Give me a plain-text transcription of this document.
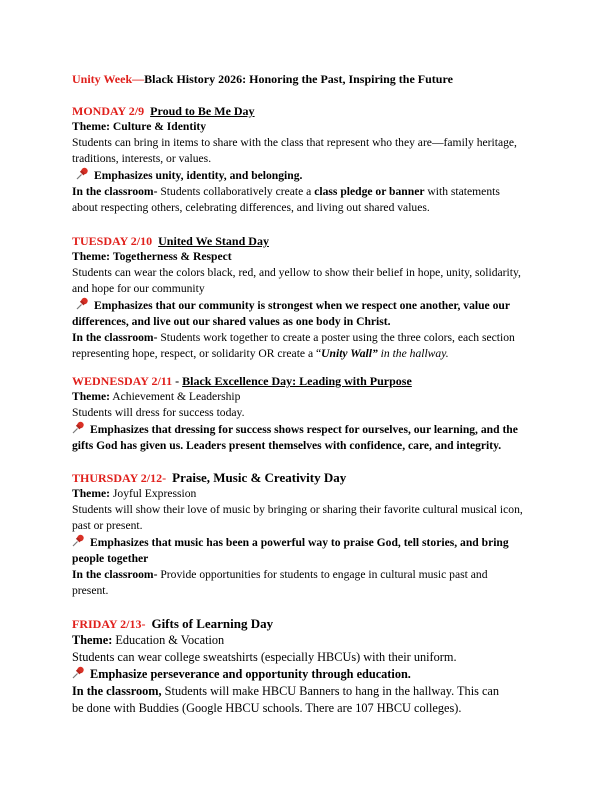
Unity Week—Black History 2026: Honoring the Past, Inspiring the Future
MONDAY 2/9 Proud to Be Me Day
Theme: Culture & Identity
Students can bring in items to share with the class that represent who they are—family heritage,
traditions, interests, or values.
Emphasizes unity, identity, and belonging.
In the classroom- Students collaboratively create a class pledge or banner with statements
about respecting others, celebrating differences, and living out shared values.
TUESDAY 2/10 United We Stand Day
Theme: Togetherness & Respect
Students can wear the colors black, red, and yellow to show their belief in hope, unity, solidarity,
and hope for our community
Emphasizes that our community is strongest when we respect one another, value our
differences, and live out our shared values as one body in Christ.
In the classroom- Students work together to create a poster using the three colors, each section
representing hope, respect, or solidarity OR create a “Unity Wall” in the hallway.
WEDNESDAY 2/11 - Black Excellence Day: Leading with Purpose
Theme: Achievement & Leadership
Students will dress for success today.
Emphasizes that dressing for success shows respect for ourselves, our learning, and the
gifts God has given us. Leaders present themselves with confidence, care, and integrity.
THURSDAY 2/12- Praise, Music & Creativity Day
Theme: Joyful Expression
Students will show their love of music by bringing or sharing their favorite cultural musical icon,
past or present.
Emphasizes that music has been a powerful way to praise God, tell stories, and bring
people together
In the classroom- Provide opportunities for students to engage in cultural music past and
present.
FRIDAY 2/13- Gifts of Learning Day
Theme: Education & Vocation
Students can wear college sweatshirts (especially HBCUs) with their uniform.
Emphasize perseverance and opportunity through education.
In the classroom, Students will make HBCU Banners to hang in the hallway. This can
be done with Buddies (Google HBCU schools. There are 107 HBCU colleges).
